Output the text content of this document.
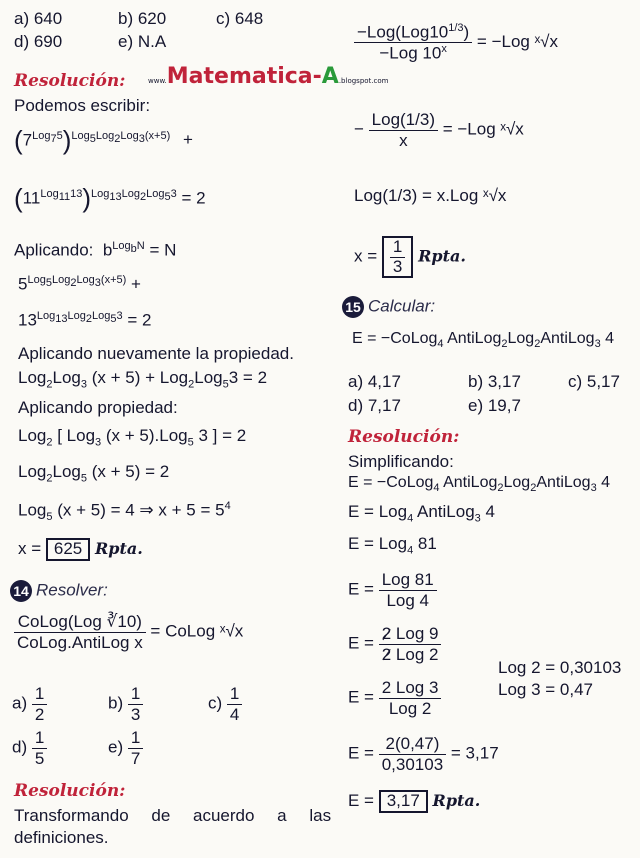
a) 640	b) 620	c) 648
d) 690	e) N.A
Resolución:	www.Matematica-A.blogspot.com
Podemos escribir:
$(7^{Log_75})^{Log_5Log_2Log_3(x+5)}$ +
$(11^{Log_{11}13})^{Log_{13}Log_2Log_53} = 2$
Aplicando:  $b^{Log_bN} = N$
$5^{Log_5Log_2Log_3(x+5)}$ +
$13^{Log_{13}Log_2Log_53} = 2$
Aplicando nuevamente la propiedad.
Log$_2$Log$_3$ (x + 5) + Log$_2$Log$_5$3 = 2
Aplicando propiedad:
Log$_2$ [ Log$_3$ (x + 5).Log$_5$ 3 ] = 2
Log$_2$Log$_5$ (x + 5) = 2
Log$_5$ (x + 5) = 4 ⇒ $x + 5 = 5^4$
x = 625 Rpta.
14 Resolver:
$\frac{\text{CoLog(Log ∛10)}}{\text{CoLog.AntiLog x}}$ = CoLog ˣ√x
$a) \frac{1}{2}$	$b) \frac{1}{3}$	$c) \frac{1}{4}$
$d) \frac{1}{5}$	$e) \frac{1}{7}$
Resolución:
Transformando de acuerdo a las
definiciones.
$\frac{-Log(Log10^{1/3})}{-Log 10^x} = -Log$ ˣ√x
− $\frac{\text{Log(1/3)}}{x} = -Log$ ˣ√x
Log(1/3) = x.Log ˣ√x
$x = \frac{1}{3}$ Rpta.
15 Calcular:
E = −CoLog$_4$ AntiLog$_2$Log$_2$AntiLog$_3$ 4
a) 4,17	b) 3,17	c) 5,17
d) 7,17	e) 19,7
Resolución:
Simplificando:
E = −CoLog$_4$ AntiLog$_2$Log$_2$AntiLog$_3$ 4
E = Log$_4$ AntiLog$_3$ 4
E = Log$_4$ 81
$E = \frac{\text{Log 81}}{\text{Log 4}}$
$E = \frac{\text{2 Log 9}}{\text{2 Log 2}}$
Log 2 = 0,30103
Log 3 = 0,47
$E = \frac{\text{2 Log 3}}{\text{Log 2}}$
$E = \frac{2(0,47)}{0,30103} = 3,17$
E = 3,17 Rpta.
